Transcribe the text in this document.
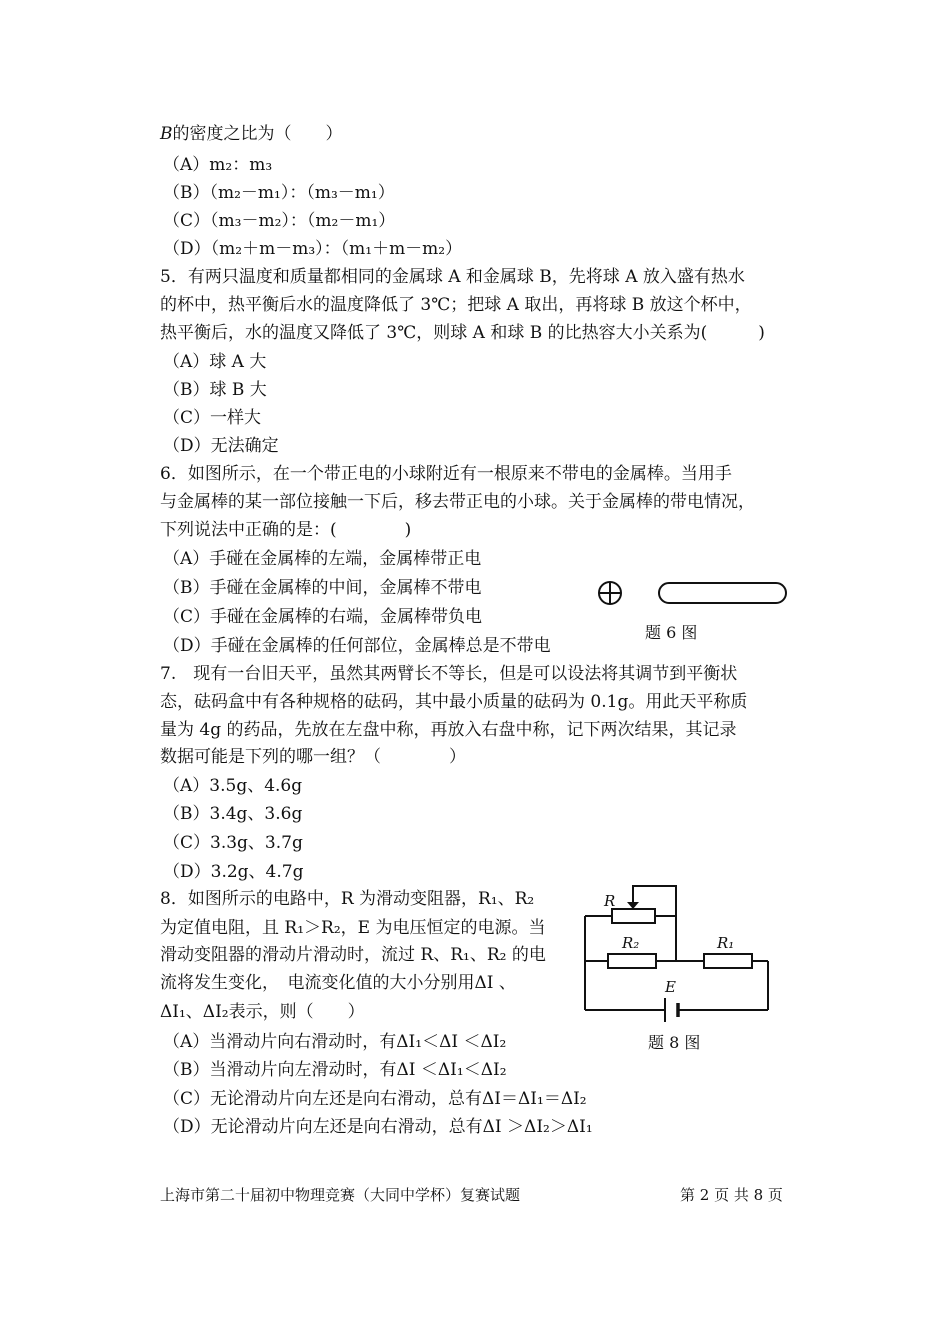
B的密度之比为（　　）
（A）m₂：m₃
（B）（m₂－m₁）：（m₃－m₁）
（C）（m₃－m₂）：（m₂－m₁）
（D）（m₂＋m－m₃）：（m₁＋m－m₂）
5．有两只温度和质量都相同的金属球 A 和金属球 B，先将球 A 放入盛有热水
的杯中，热平衡后水的温度降低了 3℃；把球 A 取出，再将球 B 放这个杯中，
热平衡后，水的温度又降低了 3℃，则球 A 和球 B 的比热容大小关系为(　　　)
（A）球 A 大
（B）球 B 大
（C）一样大
（D）无法确定
6．如图所示，在一个带正电的小球附近有一根原来不带电的金属棒。当用手
与金属棒的某一部位接触一下后，移去带正电的小球。关于金属棒的带电情况，
下列说法中正确的是：(　　　　)
（A）手碰在金属棒的左端，金属棒带正电
（B）手碰在金属棒的中间，金属棒不带电
（C）手碰在金属棒的右端，金属棒带负电
（D）手碰在金属棒的任何部位，金属棒总是不带电
题 6 图
7.　现有一台旧天平，虽然其两臂长不等长，但是可以设法将其调节到平衡状
态，砝码盒中有各种规格的砝码，其中最小质量的砝码为 0.1g。用此天平称质
量为 4g 的药品，先放在左盘中称，再放入右盘中称，记下两次结果，其记录
数据可能是下列的哪一组？（　　　　）
（A）3.5g、4.6g
（B）3.4g、3.6g
（C）3.3g、3.7g
（D）3.2g、4.7g
8．如图所示的电路中，R 为滑动变阻器，R₁、R₂
为定值电阻，且 R₁＞R₂，E 为电压恒定的电源。当
滑动变阻器的滑动片滑动时，流过 R、R₁、R₂ 的电
流将发生变化，　电流变化值的大小分别用ΔI 、
ΔI₁、ΔI₂表示，则（　　）
（A）当滑动片向右滑动时，有ΔI₁＜ΔI ＜ΔI₂
（B）当滑动片向左滑动时，有ΔI ＜ΔI₁＜ΔI₂
（C）无论滑动片向左还是向右滑动，总有ΔI＝ΔI₁＝ΔI₂
（D）无论滑动片向左还是向右滑动，总有ΔI ＞ΔI₂＞ΔI₁
R
R₂	R₁
E
题 8 图
上海市第二十届初中物理竞赛（大同中学杯）复赛试题	第 2 页 共 8 页
